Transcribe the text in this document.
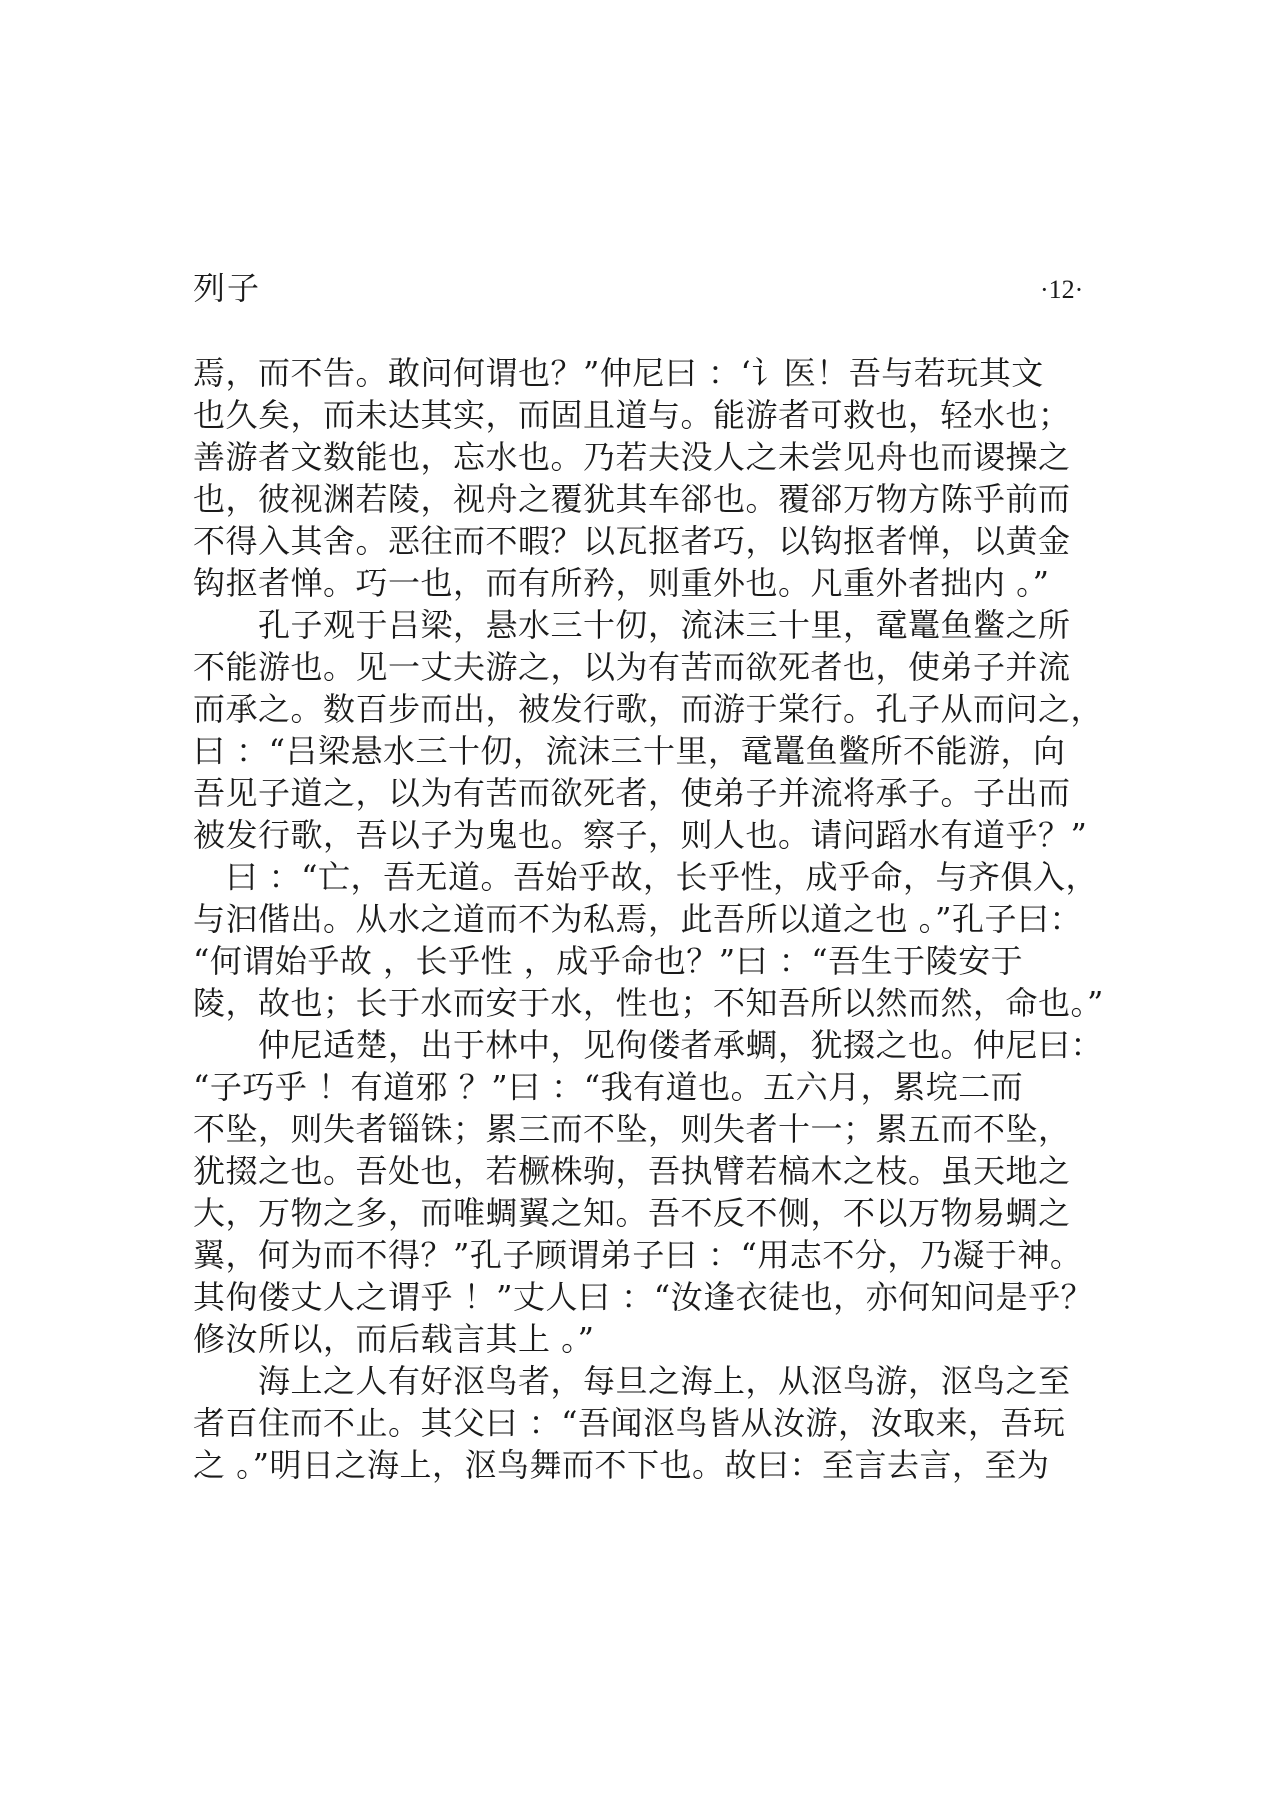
列子	·12·
焉，而不告。敢问何谓也？”仲尼曰 ：‘讠医！吾与若玩其文
也久矣，而未达其实，而固且道与。能游者可救也，轻水也；
善游者文数能也，忘水也。乃若夫没人之未尝见舟也而谡操之
也，彼视渊若陵，视舟之覆犹其车郤也。覆郤万物方陈乎前而
不得入其舍。恶往而不暇？以瓦抠者巧，以钩抠者惮，以黄金
钩抠者惮。巧一也，而有所矜，则重外也。凡重外者拙内 。”
　　孔子观于吕梁，悬水三十仞，流沫三十里，鼋鼍鱼鳖之所
不能游也。见一丈夫游之，以为有苦而欲死者也，使弟子并流
而承之。数百步而出，被发行歌，而游于棠行。孔子从而问之，
曰 ：“吕梁悬水三十仞，流沫三十里，鼋鼍鱼鳖所不能游，向
吾见子道之，以为有苦而欲死者，使弟子并流将承子。子出而
被发行歌，吾以子为鬼也。察子，则人也。请问蹈水有道乎？”
　曰 ：“亡，吾无道。吾始乎故，长乎性，成乎命，与齐俱入，
与汩偕出。从水之道而不为私焉，此吾所以道之也 。”孔子曰：
“何谓始乎故 ，长乎性 ，成乎命也？”曰 ：“吾生于陵安于
陵，故也；长于水而安于水，性也；不知吾所以然而然，命也。”
　　仲尼适楚，出于林中，见佝偻者承蜩，犹掇之也。仲尼曰：
“子巧乎 ！有道邪 ？”曰 ：“我有道也。五六月，累垸二而
不坠，则失者锱铢；累三而不坠，则失者十一；累五而不坠，
犹掇之也。吾处也，若橛株驹，吾执臂若槁木之枝。虽天地之
大，万物之多，而唯蜩翼之知。吾不反不侧，不以万物易蜩之
翼，何为而不得？”孔子顾谓弟子曰 ：“用志不分，乃凝于神。
其佝偻丈人之谓乎 ！”丈人曰 ：“汝逢衣徒也，亦何知问是乎？
修汝所以，而后载言其上 。”
　　海上之人有好沤鸟者，每旦之海上，从沤鸟游，沤鸟之至
者百住而不止。其父曰 ：“吾闻沤鸟皆从汝游，汝取来，吾玩
之 。”明日之海上，沤鸟舞而不下也。故曰：至言去言，至为
